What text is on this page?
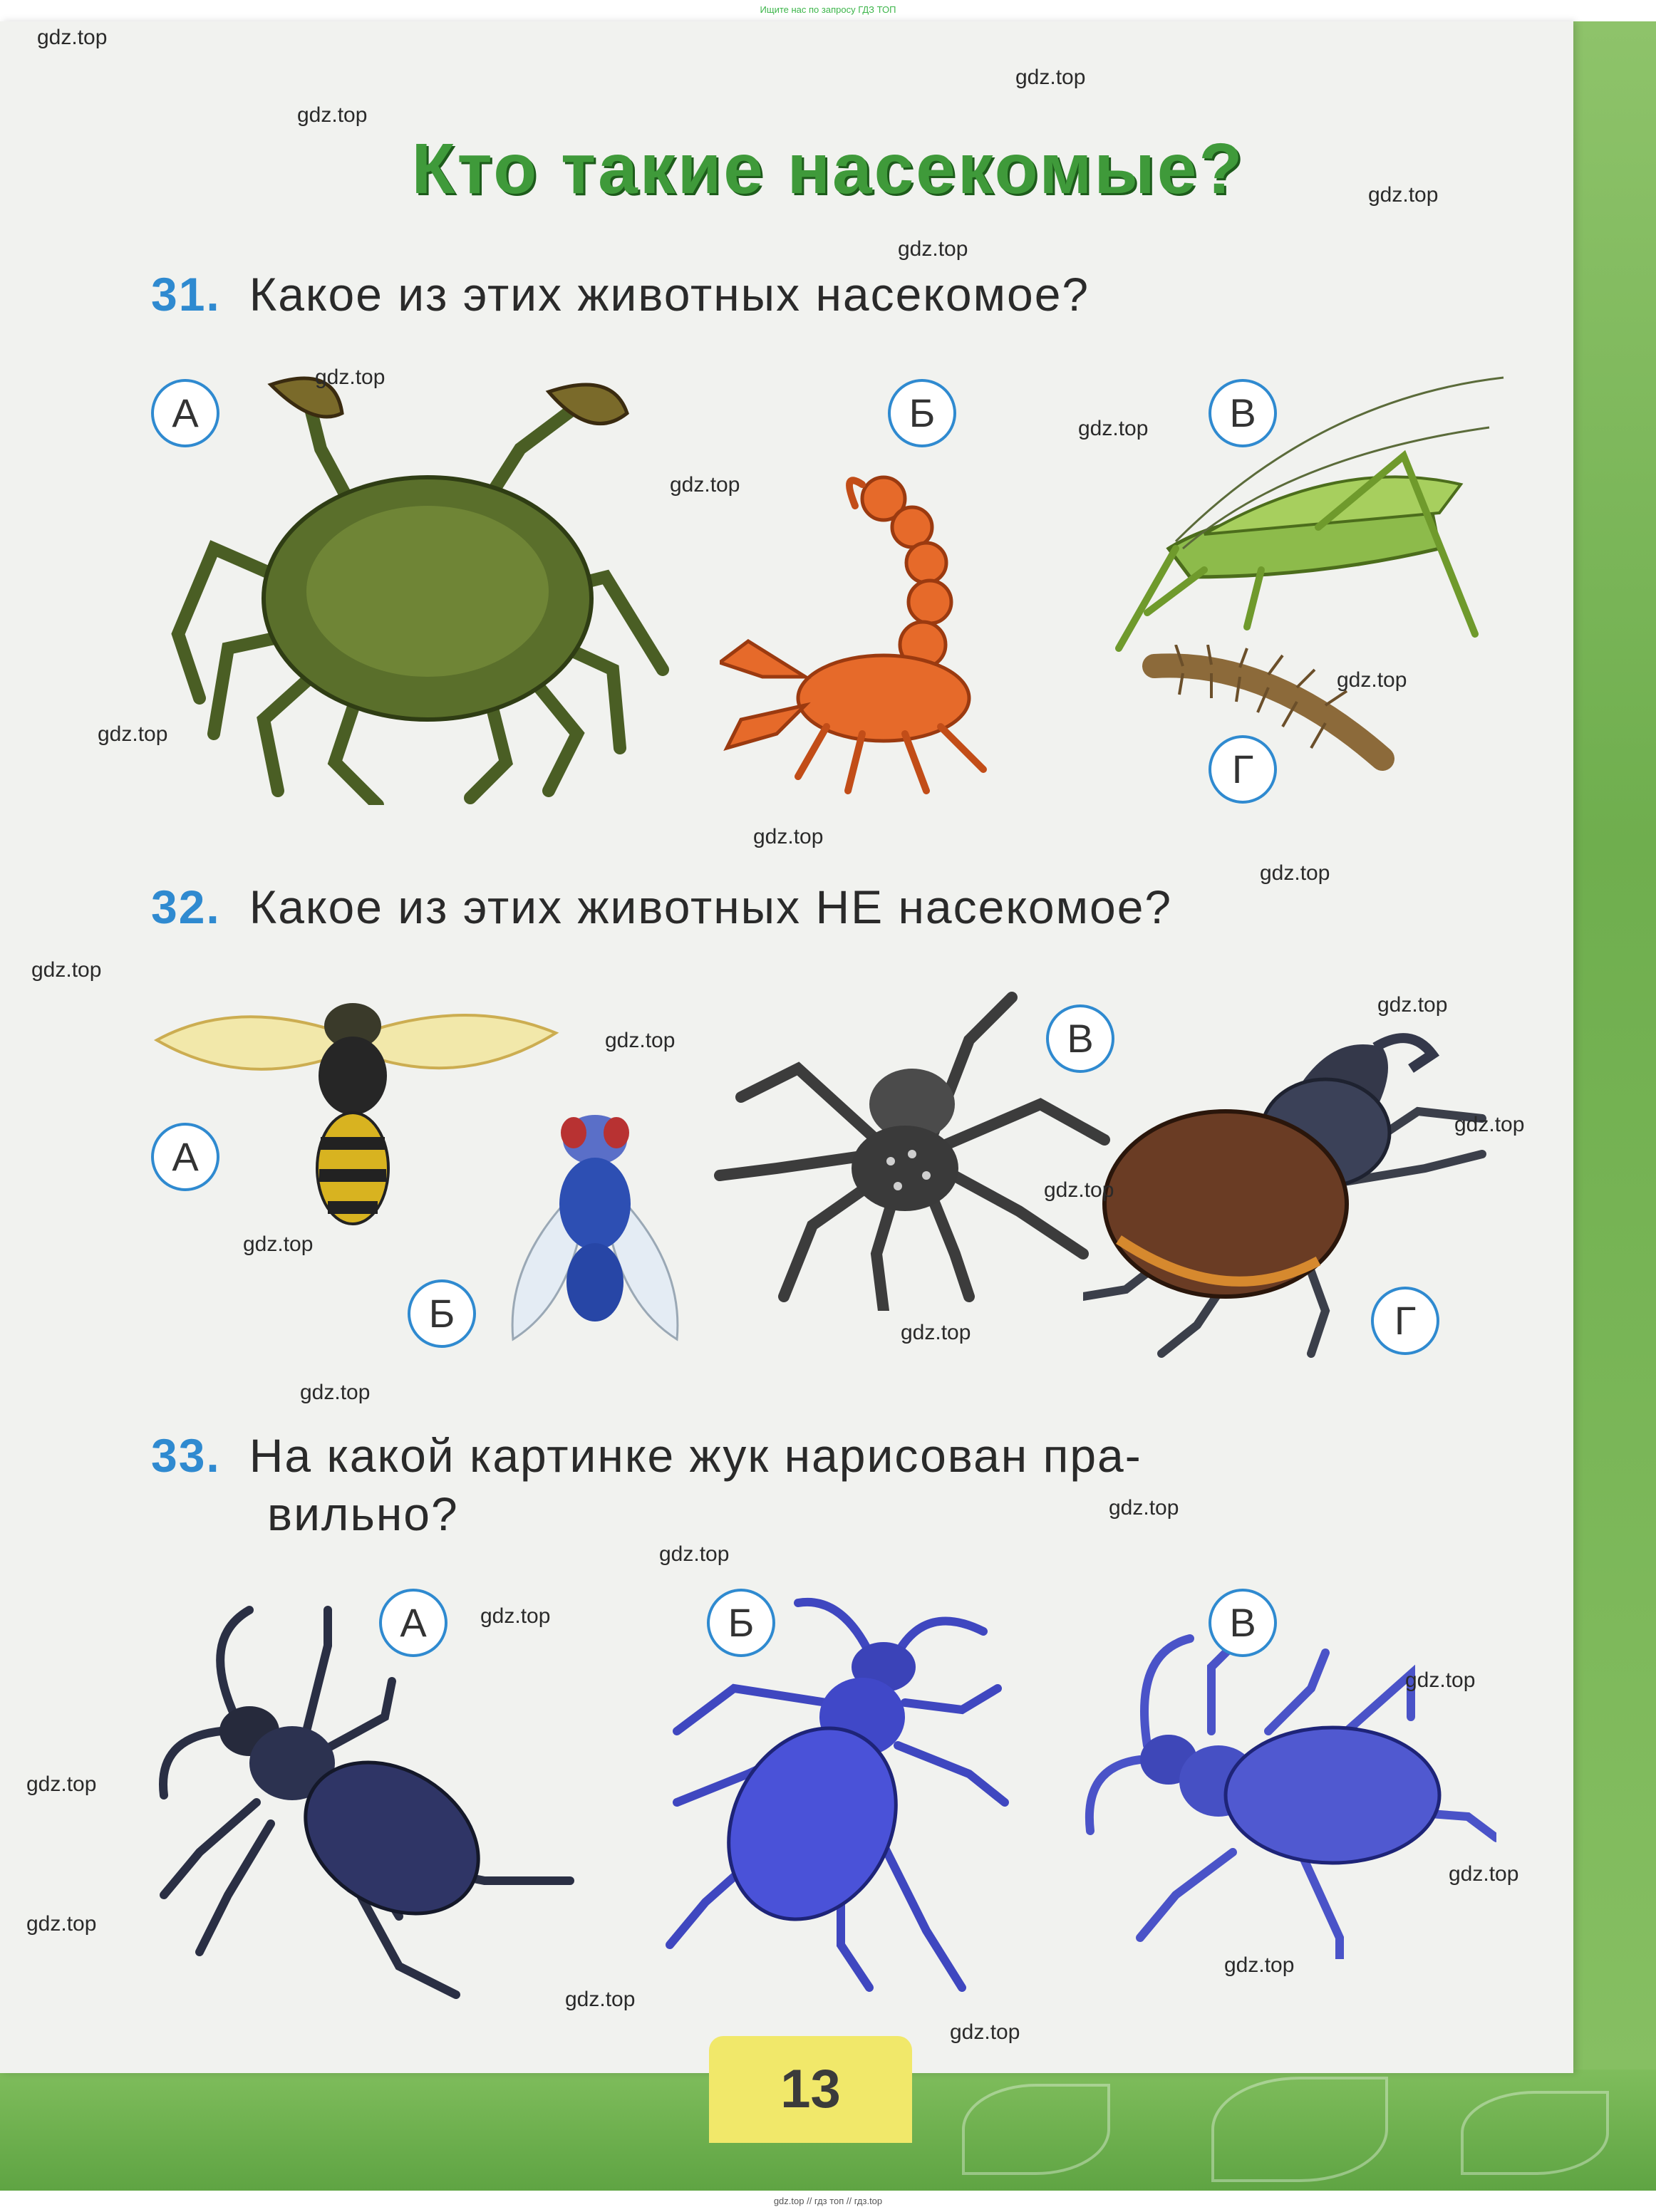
Ищите нас по запросу ГДЗ ТОП
Кто такие насекомые?
31. Какое из этих животных насекомое?
А	Б	В
Г
32. Какое из этих животных НЕ насекомое?
А
Б
В
Г
33. На какой картинке жук нарисован пра-
вильно?
А	Б	В
gdz.top
gdz.top
gdz.top
gdz.top
gdz.top
gdz.top
gdz.top
gdz.top
gdz.top
gdz.top
gdz.top
gdz.top
gdz.top
gdz.top
gdz.top
gdz.top
gdz.top
gdz.top
gdz.top
gdz.top
gdz.top
gdz.top
gdz.top
gdz.top
gdz.top
gdz.top
gdz.top
gdz.top
gdz.top
gdz.top
13
gdz.top // гдз топ // гдз.top
